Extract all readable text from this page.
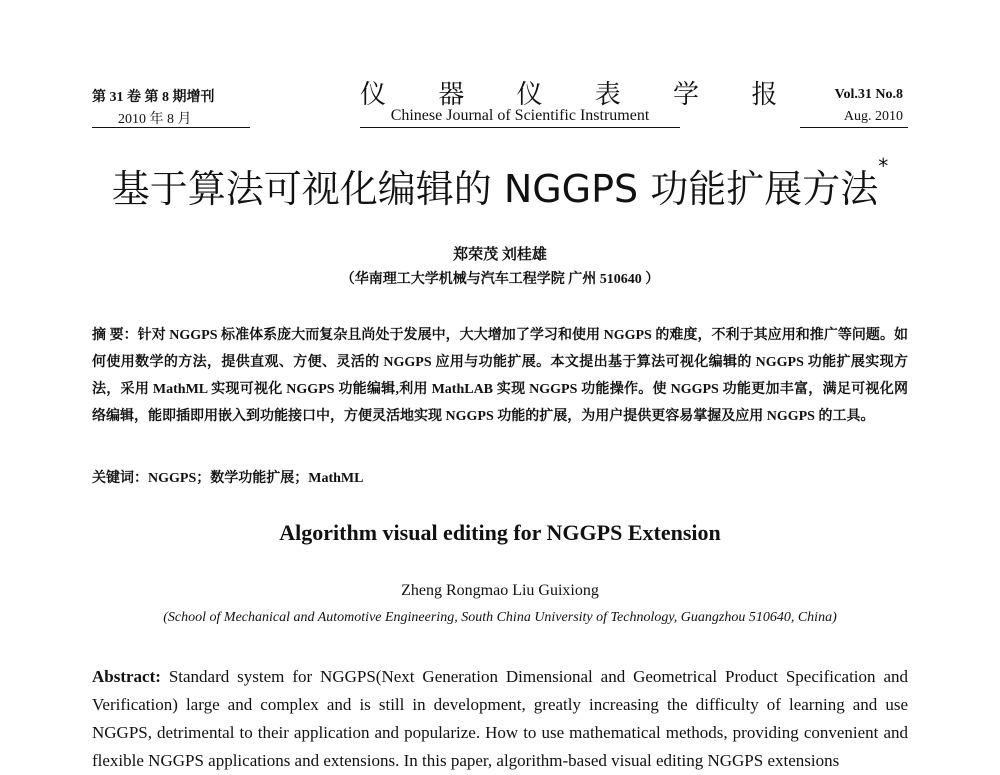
第 31 卷 第 8 期增刊
2010 年 8 月
仪 器 仪 表 学 报
Chinese Journal of Scientific Instrument
Vol.31 No.8
Aug. 2010
基于算法可视化编辑的 NGGPS 功能扩展方法*
郑荣茂 刘桂雄
（华南理工大学机械与汽车工程学院 广州 510640 ）
摘 要：针对 NGGPS 标准体系庞大而复杂且尚处于发展中，大大增加了学习和使用 NGGPS 的难度，不利于其应用和推广等问题。如何使用数学的方法，提供直观、方便、灵活的 NGGPS 应用与功能扩展。本文提出基于算法可视化编辑的 NGGPS 功能扩展实现方法，采用 MathML 实现可视化 NGGPS 功能编辑,利用 MathLAB 实现 NGGPS 功能操作。使 NGGPS 功能更加丰富，满足可视化网络编辑，能即插即用嵌入到功能接口中，方便灵活地实现 NGGPS 功能的扩展，为用户提供更容易掌握及应用 NGGPS 的工具。
关键词：NGGPS；数学功能扩展；MathML
Algorithm visual editing for NGGPS Extension
Zheng Rongmao Liu Guixiong
(School of Mechanical and Automotive Engineering, South China University of Technology, Guangzhou 510640, China)
Abstract: Standard system for NGGPS(Next Generation Dimensional and Geometrical Product Specification and Verification) large and complex and is still in development, greatly increasing the difficulty of learning and use NGGPS, detrimental to their application and popularize. How to use mathematical methods, providing convenient and flexible NGGPS applications and extensions. In this paper, algorithm-based visual editing NGGPS extensions
